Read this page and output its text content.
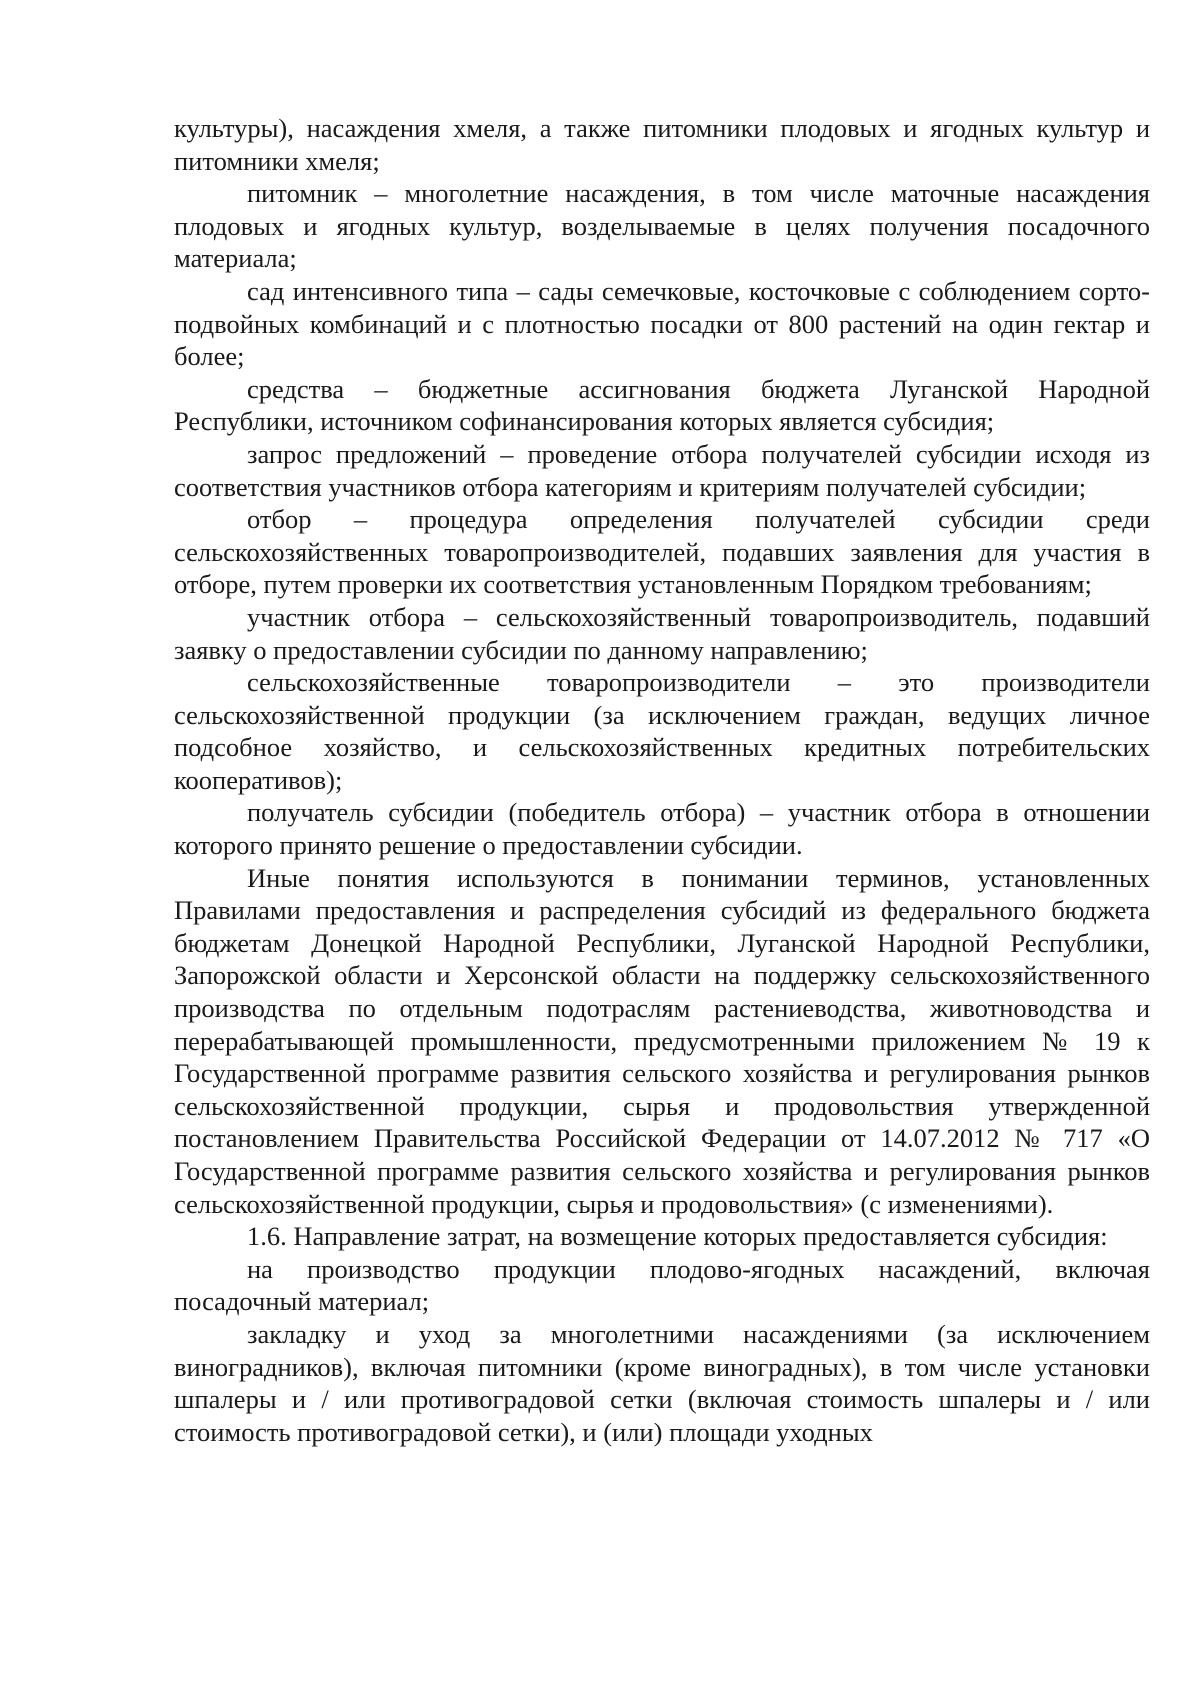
культуры), насаждения хмеля, а также питомники плодовых и ягодных культур и питомники хмеля;

питомник – многолетние насаждения, в том числе маточные насаждения плодовых и ягодных культур, возделываемые в целях получения посадочного материала;

сад интенсивного типа – сады семечковые, косточковые с соблюдением сорто-подвойных комбинаций и с плотностью посадки от 800 растений на один гектар и более;

средства – бюджетные ассигнования бюджета Луганской Народной Республики, источником софинансирования которых является субсидия;

запрос предложений – проведение отбора получателей субсидии исходя из соответствия участников отбора категориям и критериям получателей субсидии;

отбор – процедура определения получателей субсидии среди сельскохозяйственных товаропроизводителей, подавших заявления для участия в отборе, путем проверки их соответствия установленным Порядком требованиям;

участник отбора – сельскохозяйственный товаропроизводитель, подавший заявку о предоставлении субсидии по данному направлению;

сельскохозяйственные товаропроизводители – это производители сельскохозяйственной продукции (за исключением граждан, ведущих личное подсобное хозяйство, и сельскохозяйственных кредитных потребительских кооперативов);

получатель субсидии (победитель отбора) – участник отбора в отношении которого принято решение о предоставлении субсидии.

Иные понятия используются в понимании терминов, установленных Правилами предоставления и распределения субсидий из федерального бюджета бюджетам Донецкой Народной Республики, Луганской Народной Республики, Запорожской области и Херсонской области на поддержку сельскохозяйственного производства по отдельным подотраслям растениеводства, животноводства и перерабатывающей промышленности, предусмотренными приложением № 19 к Государственной программе развития сельского хозяйства и регулирования рынков сельскохозяйственной продукции, сырья и продовольствия утвержденной постановлением Правительства Российской Федерации от 14.07.2012 № 717 «О Государственной программе развития сельского хозяйства и регулирования рынков сельскохозяйственной продукции, сырья и продовольствия» (с изменениями).

1.6. Направление затрат, на возмещение которых предоставляется субсидия:

на производство продукции плодово-ягодных насаждений, включая посадочный материал;

закладку и уход за многолетними насаждениями (за исключением виноградников), включая питомники (кроме виноградных), в том числе установки шпалеры и / или противоградовой сетки (включая стоимость шпалеры и / или стоимость противоградовой сетки), и (или) площади уходных
